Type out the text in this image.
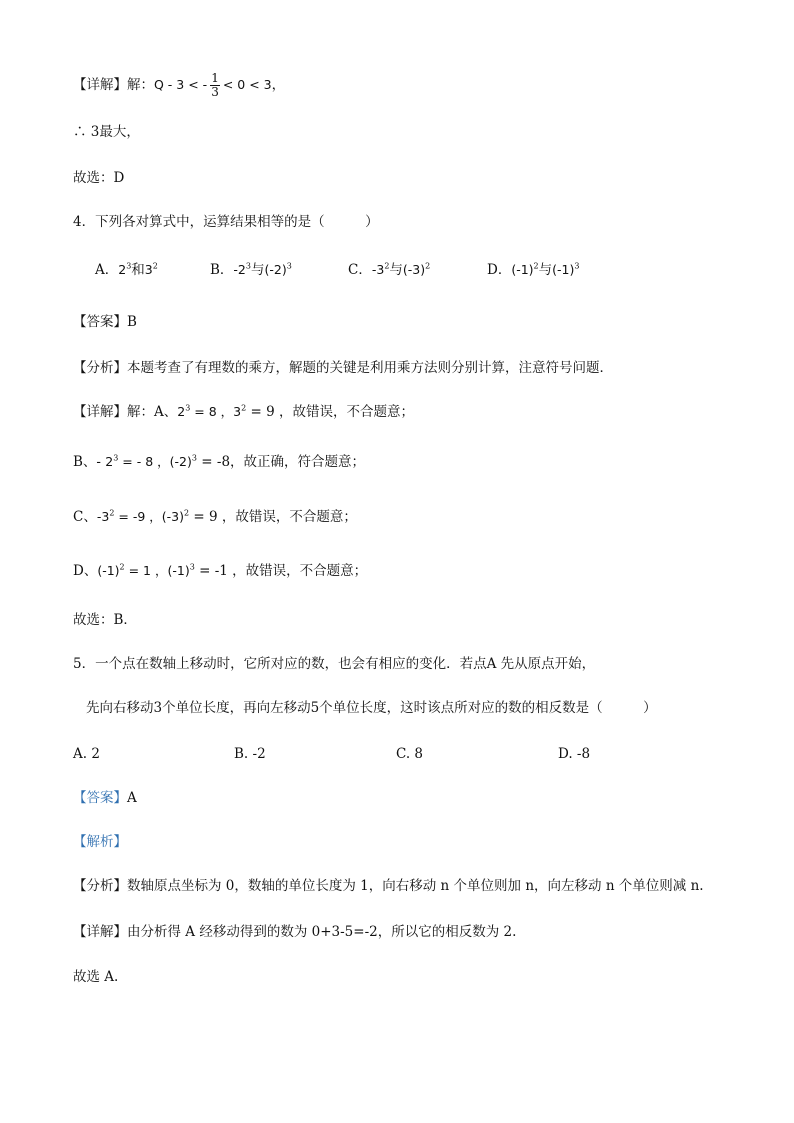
【详解】解：Q - 3 < - $\frac{1}{3} < 0 < 3$，
∴ 3最大，
故选：D
4．下列各对算式中，运算结果相等的是（　　　）
A．$2^3$和$3^2$	B．$-2^3$与$(-2)^3$	C．$-3^2$与$(-3)^2$	D．$(-1)^2$与$(-1)^3$
【答案】B
【分析】本题考查了有理数的乘方，解题的关键是利用乘方法则分别计算，注意符号问题．
【详解】解：A、$2^3 = 8$ ，$3^2 = 9$ ，故错误，不合题意；
B、- $2^3$ = - 8 ，$(-2)^3 = -8$，故正确，符合题意；
C、$-3^2 = -9$ ，$(-3)^2 = 9$ ，故错误，不合题意；
D、$(-1)^2 = 1$ ，$(-1)^3 = -1$ ，故错误，不合题意；
故选：B．
5．一个点在数轴上移动时，它所对应的数，也会有相应的变化．若点A 先从原点开始，
先向右移动3个单位长度，再向左移动5个单位长度，这时该点所对应的数的相反数是（　　　）
A. 2	B. -2	C. 8	D. -8
【答案】A
【解析】
【分析】数轴原点坐标为 0，数轴的单位长度为 1，向右移动 n 个单位则加 n，向左移动 n 个单位则减 n.
【详解】由分析得 A 经移动得到的数为 0+3-5=-2，所以它的相反数为 2.
故选 A.
